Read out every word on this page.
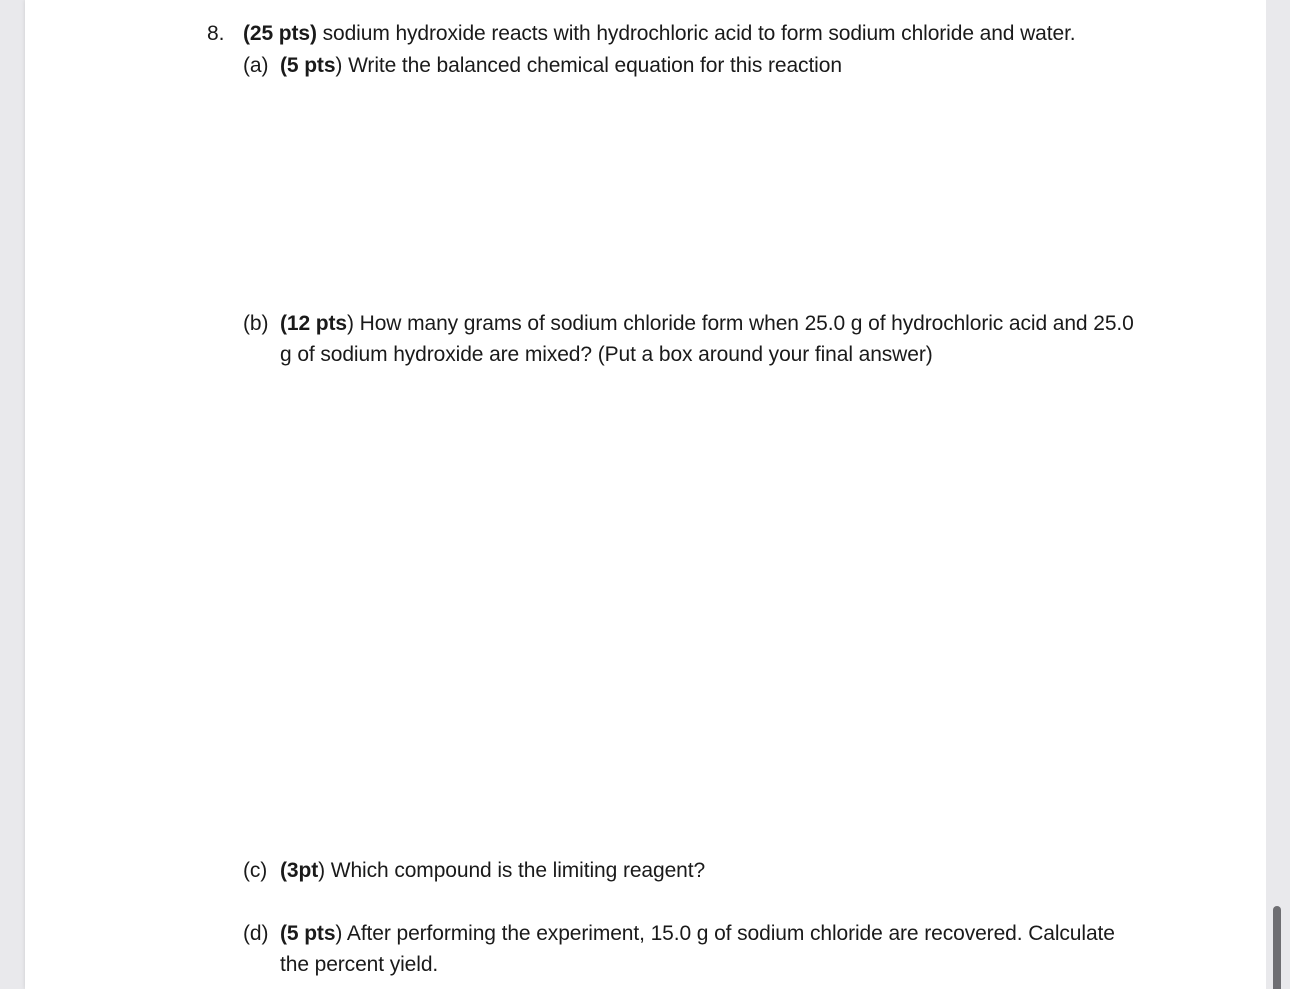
8. (25 pts) sodium hydroxide reacts with hydrochloric acid to form sodium chloride and water.
(a) (5 pts) Write the balanced chemical equation for this reaction
(b) (12 pts) How many grams of sodium chloride form when 25.0 g of hydrochloric acid and 25.0
g of sodium hydroxide are mixed? (Put a box around your final answer)
(c) (3pt) Which compound is the limiting reagent?
(d) (5 pts) After performing the experiment, 15.0 g of sodium chloride are recovered. Calculate
the percent yield.
